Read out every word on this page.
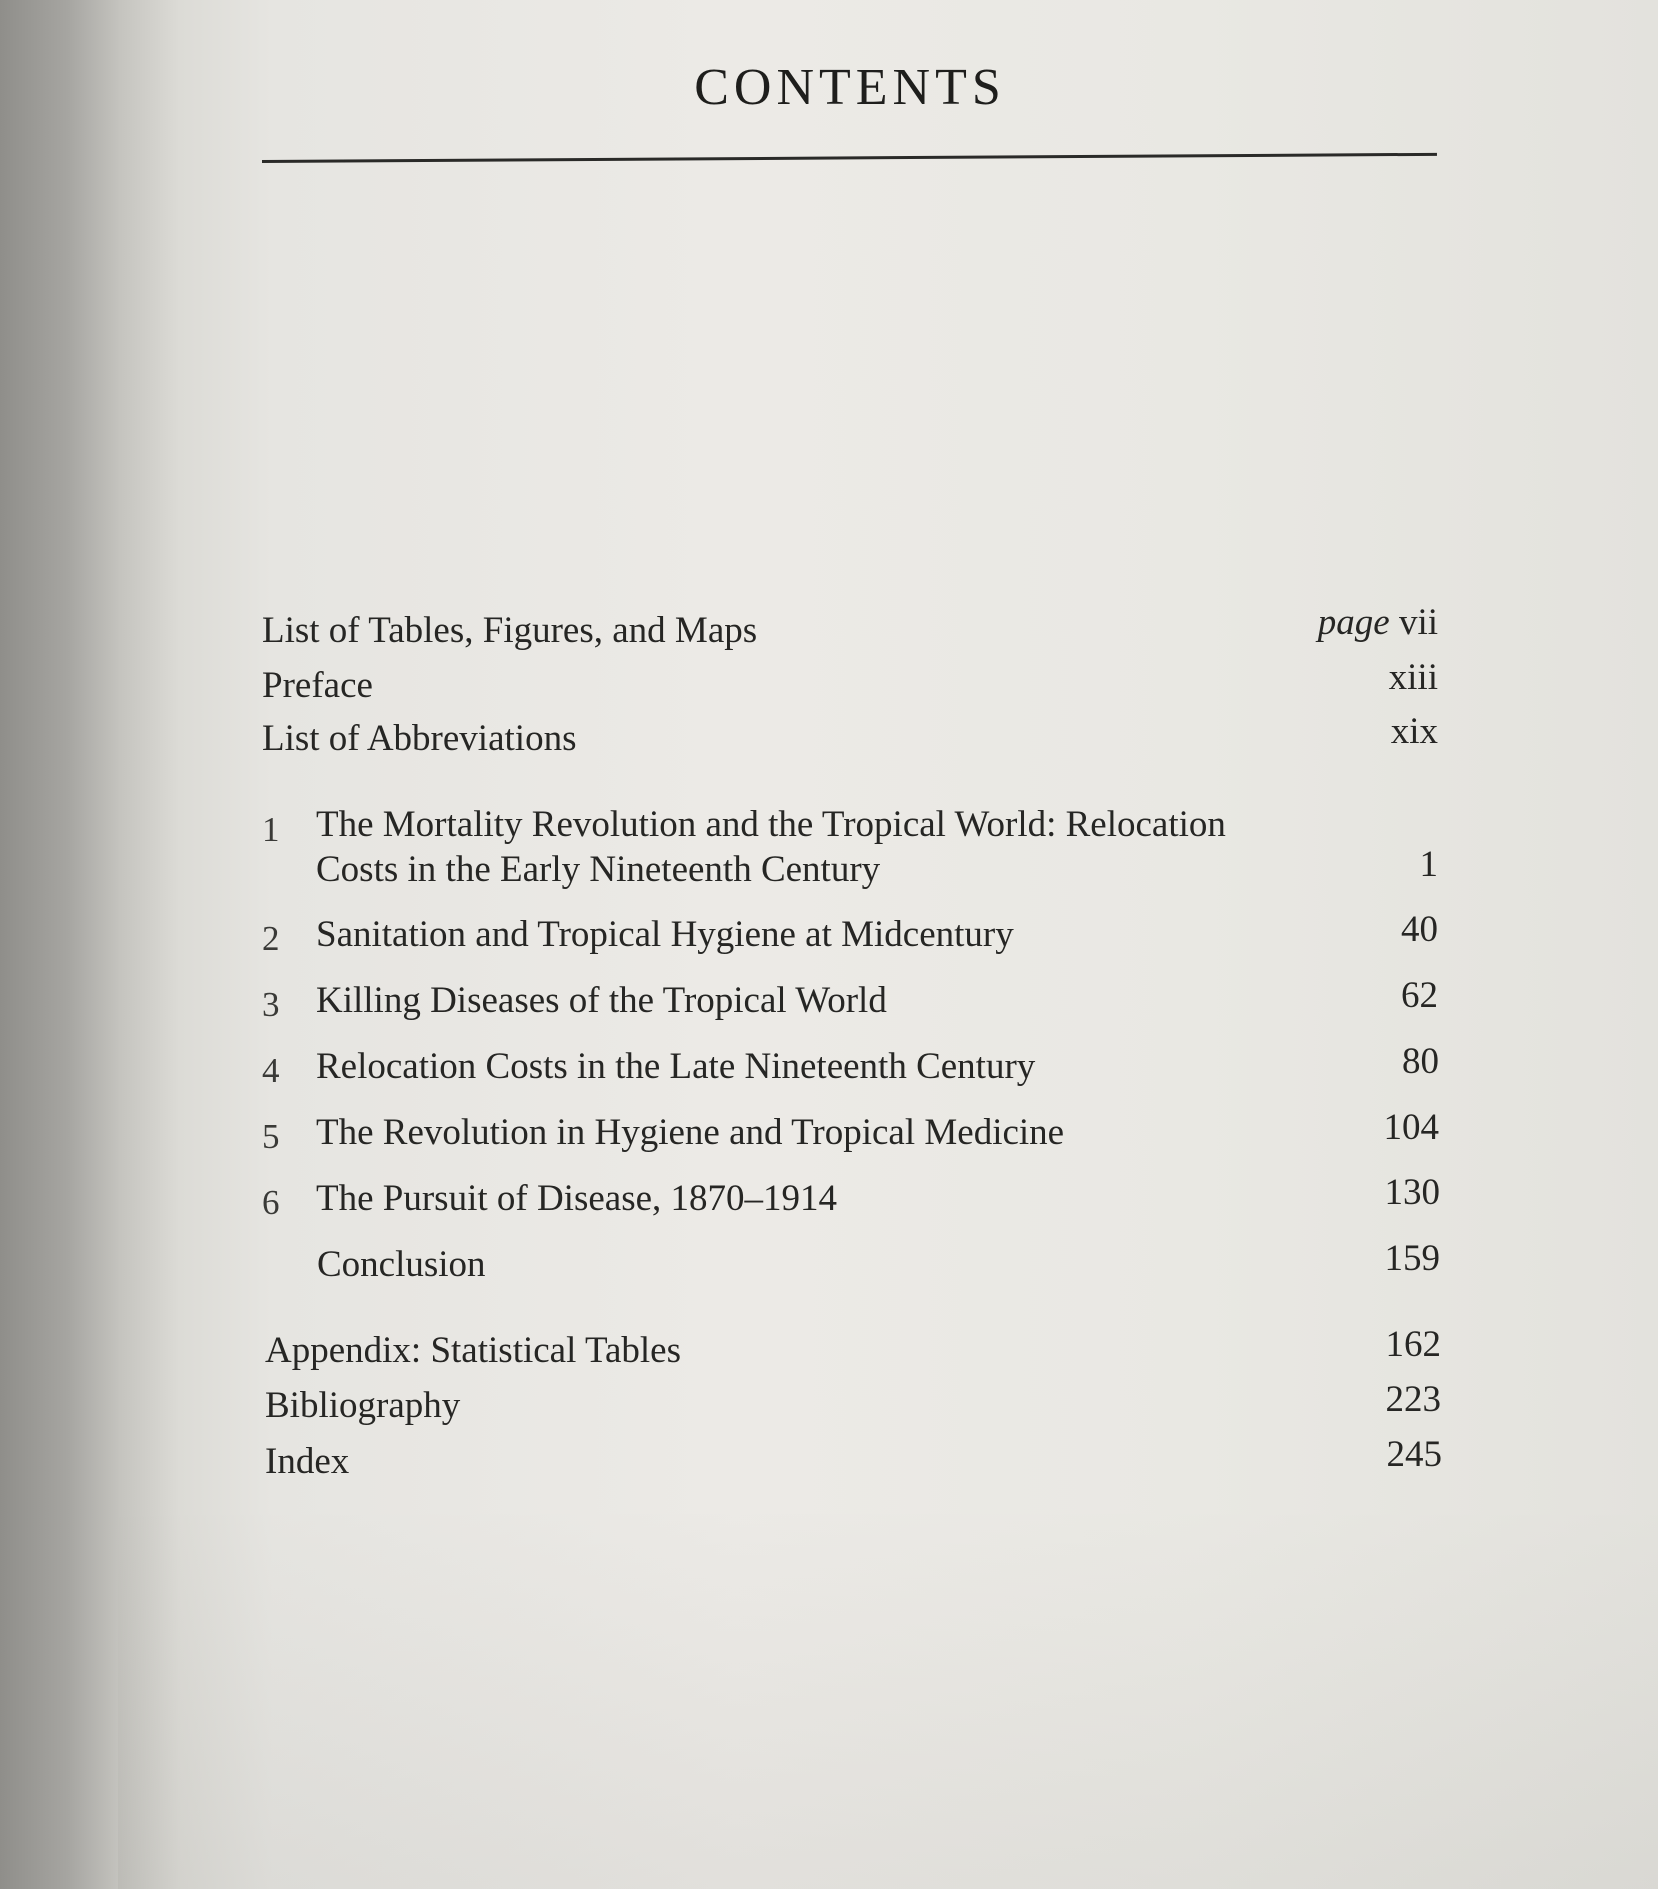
CONTENTS
List of Tables, Figures, and Maps	page vii
Preface	xiii
List of Abbreviations	xix
1 The Mortality Revolution and the Tropical World: Relocation
Costs in the Early Nineteenth Century	1
2 Sanitation and Tropical Hygiene at Midcentury	40
3 Killing Diseases of the Tropical World	62
4 Relocation Costs in the Late Nineteenth Century	80
5 The Revolution in Hygiene and Tropical Medicine	104
6 The Pursuit of Disease, 1870–1914	130
Conclusion	159
Appendix: Statistical Tables	162
Bibliography	223
Index	245
